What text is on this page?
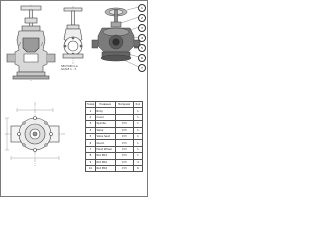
1
2
3
4
5
6
7
SECTION A-A
SCALE 1 : 3
Номер	Название	Материал	Кол
1	Body		1
2	Cover		1
3	Spindle	Ст3	1
4	Valve	Ст3	1
5	Valve Seat	Ст3	1
6	Gland	Ст3	1
7	Hand Wheel	Ст3	1
8	Nut M12	Ст3	1
9	Nut M10	Ст3	4
10	Nut M16	Ст3	6
